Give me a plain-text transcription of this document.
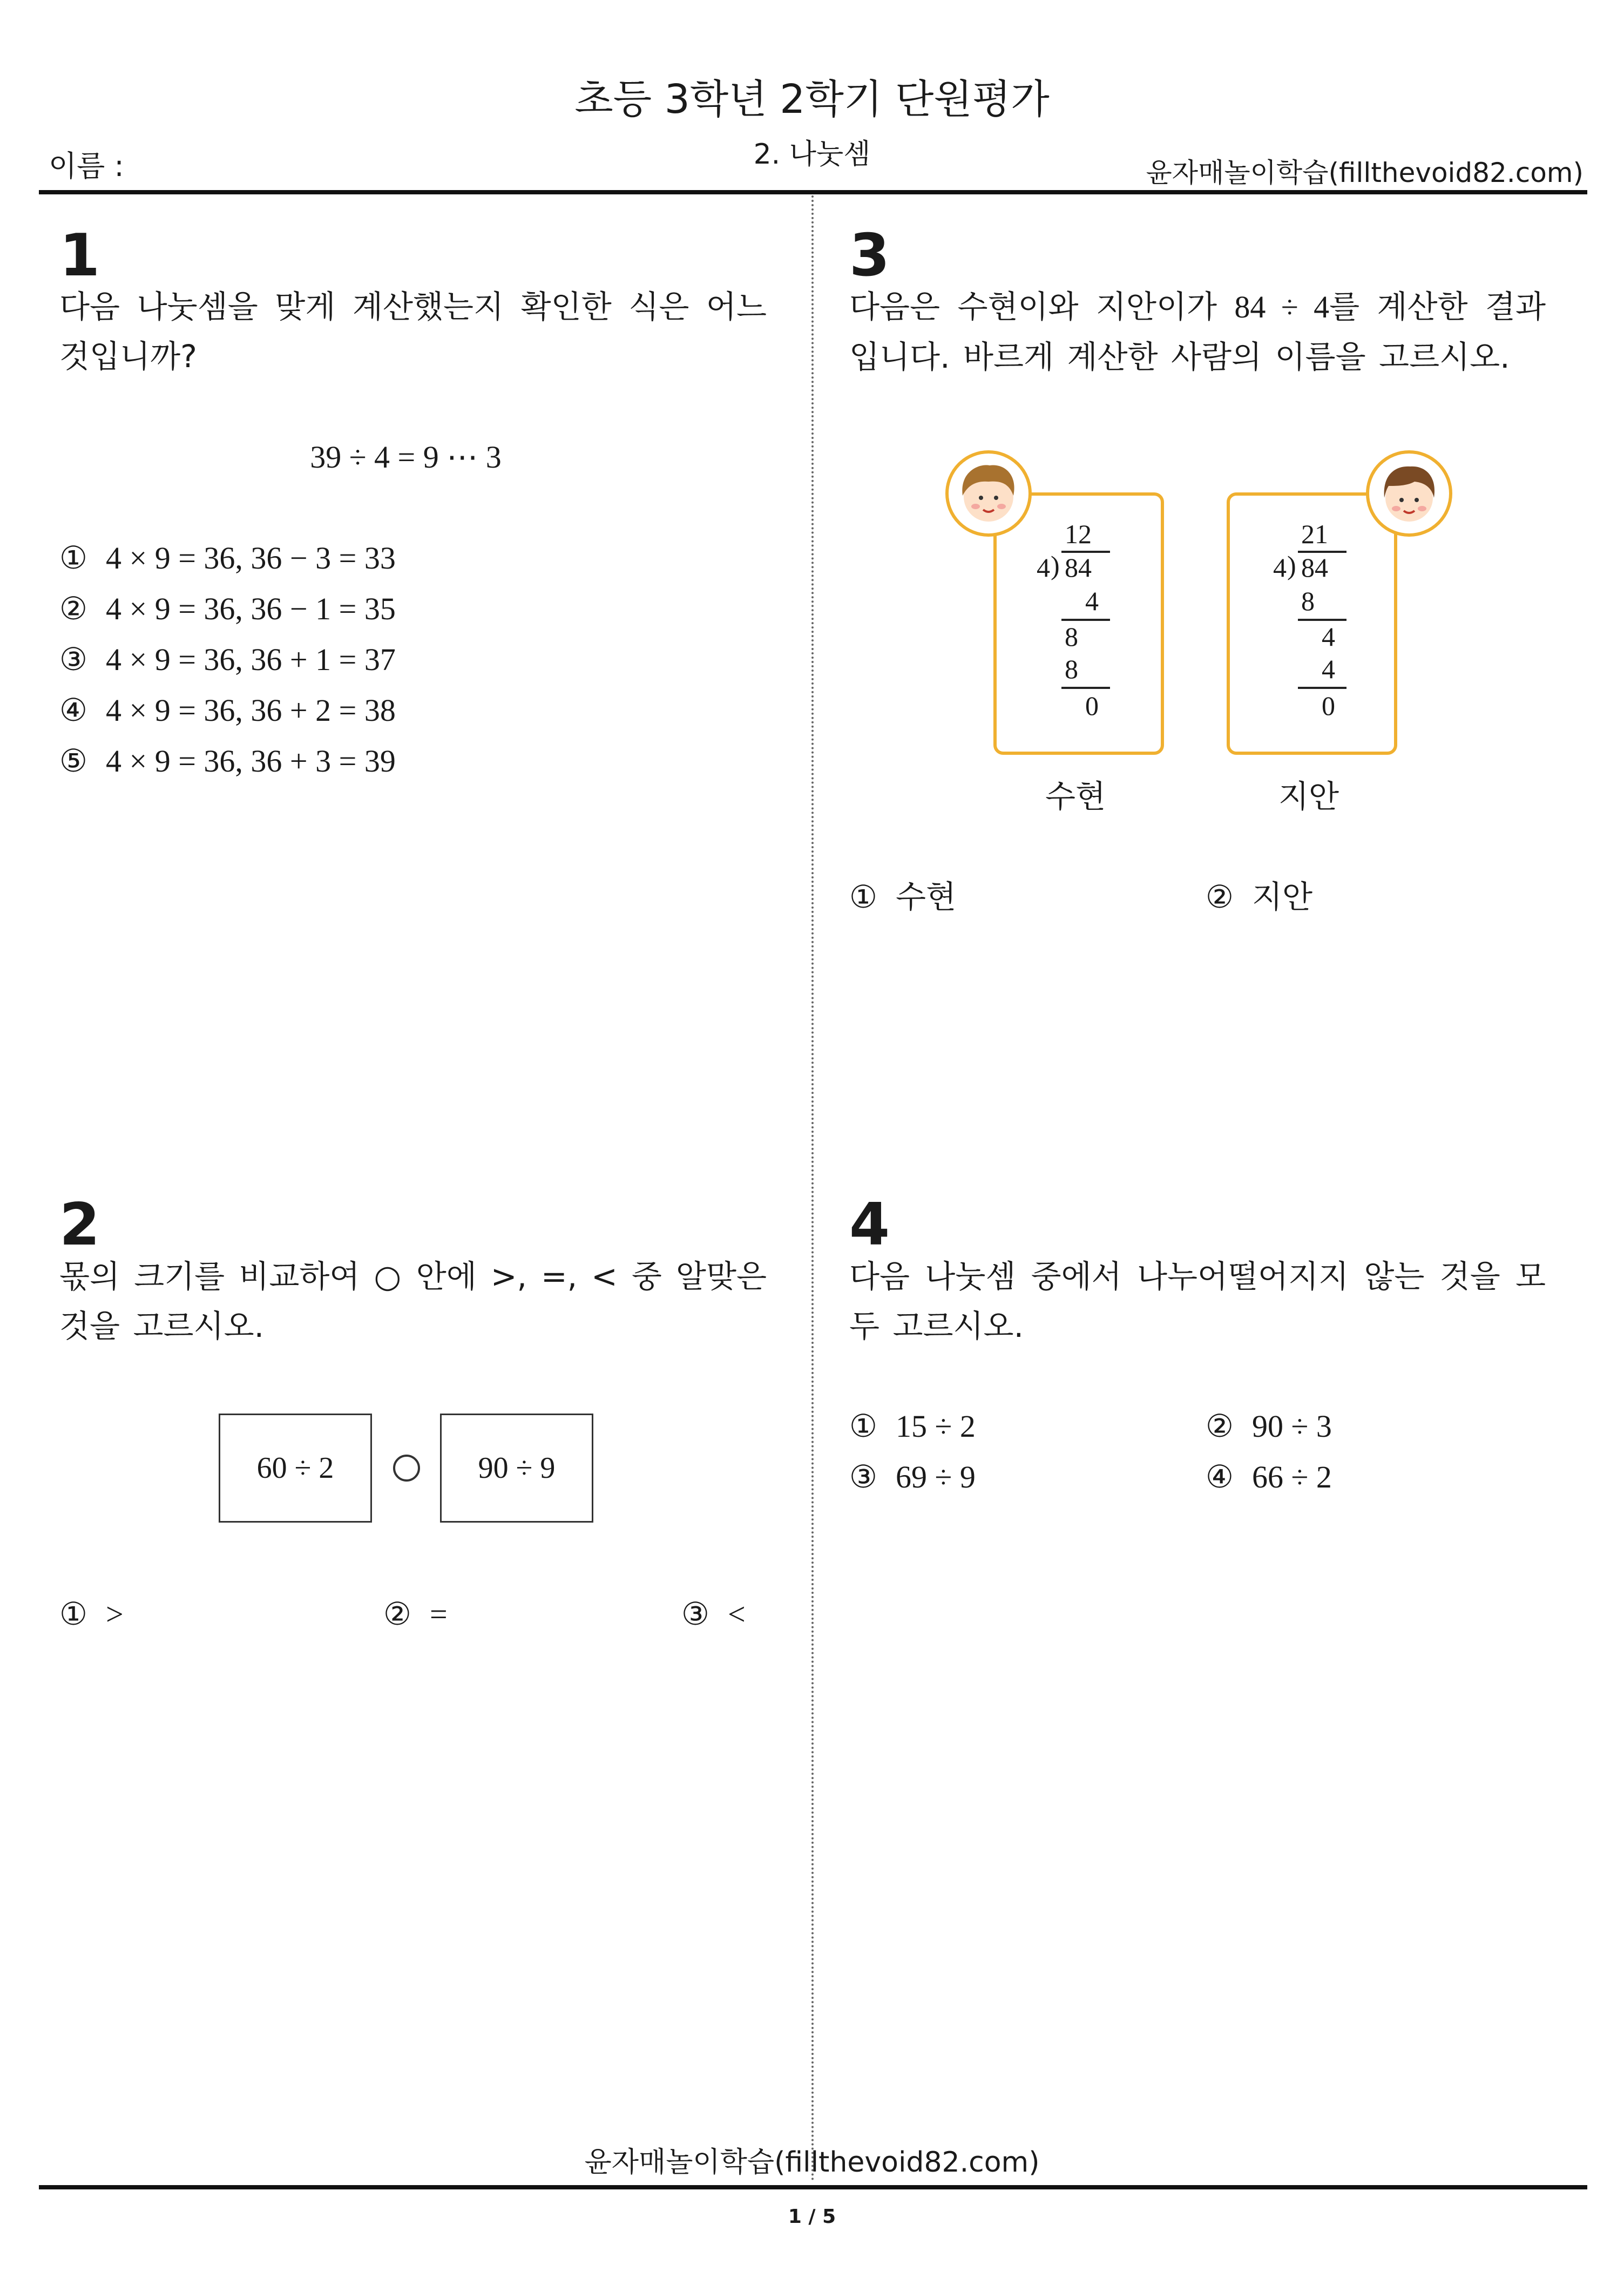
초등 3학년 2학기 단원평가
2. 나눗셈
이름 :	윤자매놀이학습(fillthevoid82.com)
1
다음 나눗셈을 맞게 계산했는지 확인한 식은 어느 것입니까?
39 ÷ 4 = 9 ⋯ 3
① 4 × 9 = 36, 36 − 3 = 33
② 4 × 9 = 36, 36 − 1 = 35
③ 4 × 9 = 36, 36 + 1 = 37
④ 4 × 9 = 36, 36 + 2 = 38
⑤ 4 × 9 = 36, 36 + 3 = 39
2
몫의 크기를 비교하여 ○ 안에 >, =, < 중 알맞은 것을 고르시오.
60 ÷ 2	90 ÷ 9
① >	② =	③ <
3
다음은 수현이와 지안이가 84 ÷ 4를 계산한 결과입니다. 바르게 계산한 사람의 이름을 고르시오.
12
4 ) 84
4
8
8
0
수현
21
4 ) 84
8
4
4
0
지안
① 수현	② 지안
4
다음 나눗셈 중에서 나누어떨어지지 않는 것을 모두 고르시오.
① 15 ÷ 2	② 90 ÷ 3
③ 69 ÷ 9	④ 66 ÷ 2
윤자매놀이학습(fillthevoid82.com)
1 / 5
